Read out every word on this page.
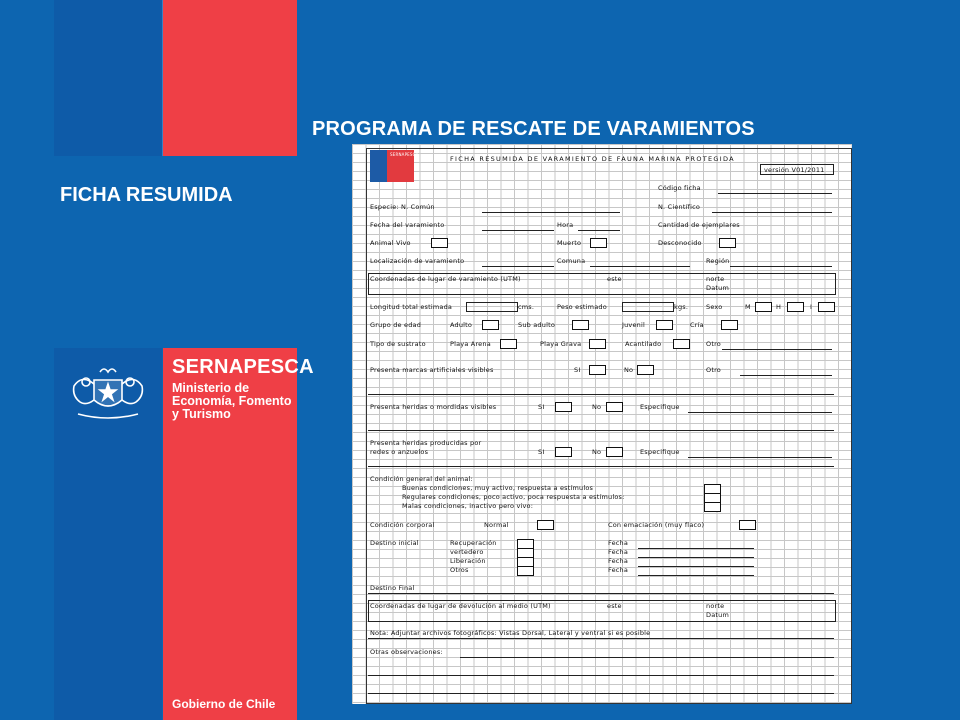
PROGRAMA DE RESCATE DE VARAMIENTOS
FICHA RESUMIDA
SERNAPESCA
Ministerio de
Economía, Fomento
y Turismo
Gobierno de Chile
SERNAPESCA
FICHA RESUMIDA DE VARAMIENTO DE FAUNA MARINA PROTEGIDA
versión V01/2011
Código ficha
Especie: N. Común	N. Científico
Fecha del varamiento	Hora	Cantidad de ejemplares
Animal Vivo	Muerto	Desconocido
Localización de varamiento	Comuna	Región
Coordenadas de lugar de varamiento (UTM)	este	norte
Datum
Longitud total estimada	cms.	Peso estimado	kgs.	Sexo	M	H	I
Grupo de edad	Adulto	Sub adulto	Juvenil	Cría
Tipo de sustrato	Playa Arena	Playa Grava	Acantilado	Otro
Presenta marcas artificiales visibles	SI	No	Otro
Presenta heridas o mordidas visibles	SI	No	Especifique
Presenta heridas producidas por
redes o anzuelos	SI	No	Especifique
Condición general del animal:
Buenas condiciones, muy activo, respuesta a estímulos
Regulares condiciones, poco activo, poca respuesta a estímulos:
Malas condiciones, inactivo pero vivo:
Condición corporal	Normal	Con emaciación (muy flaco)
Destino inicial	Recuperación	Fecha
vertedero	Fecha
Liberación	Fecha
Otros	Fecha
Destino Final
Coordenadas de lugar de devolución al medio (UTM)	este	norte
Datum
Nota: Adjuntar archivos fotográficos: Vistas Dorsal, Lateral y ventral si es posible
Otras observaciones:
